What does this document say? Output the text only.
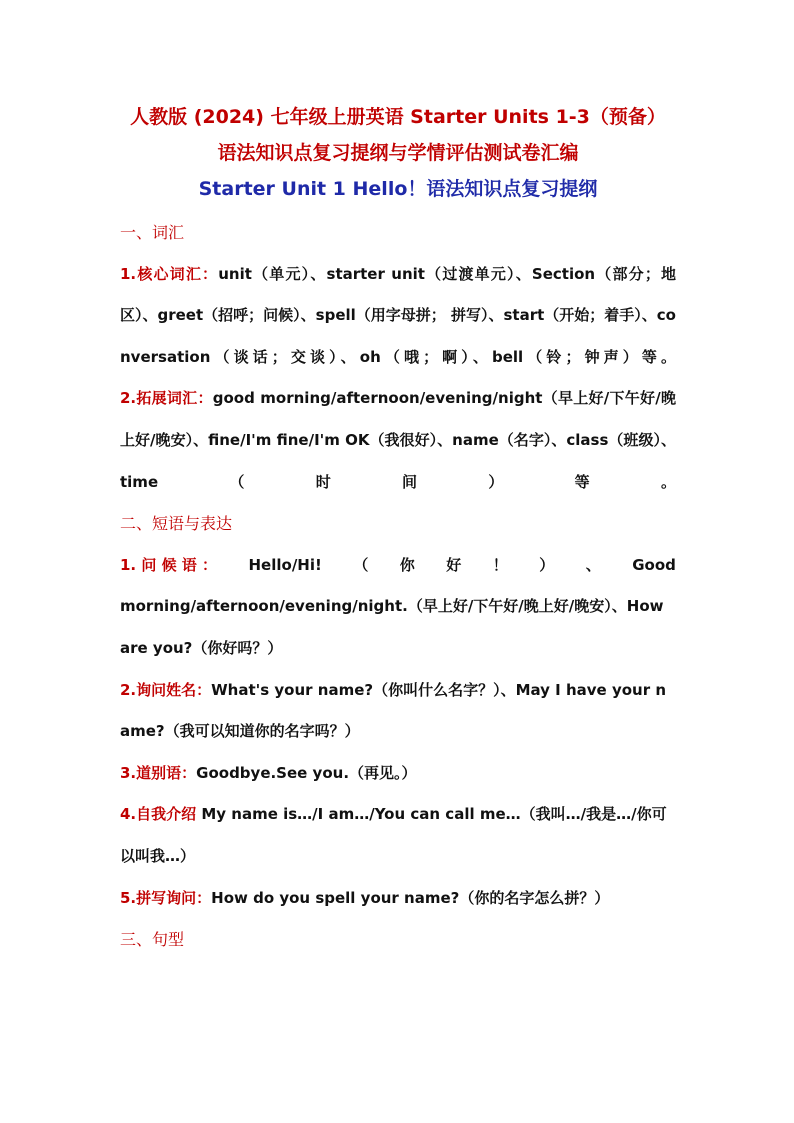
人教版 (2024) 七年级上册英语 Starter Units 1-3（预备）
语法知识点复习提纲与学情评估测试卷汇编
Starter Unit 1 Hello！语法知识点复习提纲
一、词汇
1.核心词汇：unit（单元）、starter unit（过渡单元）、Section（部分；地区）、greet（招呼；问候）、spell（用字母拼； 拼写）、start（开始；着手）、conversation（谈话；交谈）、oh（哦；啊）、bell（铃；钟声）等。
2.拓展词汇：good morning/afternoon/evening/night（早上好/下午好/晚上好/晚安）、fine/I'm fine/I'm OK（我很好）、name（名字）、class（班级）、time（时间）等。
二、短语与表达
1. 问 候 语 ： Hello/Hi! （ 你 好 ！ ） 、 Good
morning/afternoon/evening/night.（早上好/下午好/晚上好/晚安）、How are you?（你好吗？）
2.询问姓名：What's your name?（你叫什么名字？）、May I have your name?（我可以知道你的名字吗？）
3.道别语：Goodbye.See you.（再见。）
4.自我介绍 My name is…/I am…/You can call me…（我叫…/我是…/你可以叫我…）
5.拼写询问：How do you spell your name?（你的名字怎么拼？）
三、句型
